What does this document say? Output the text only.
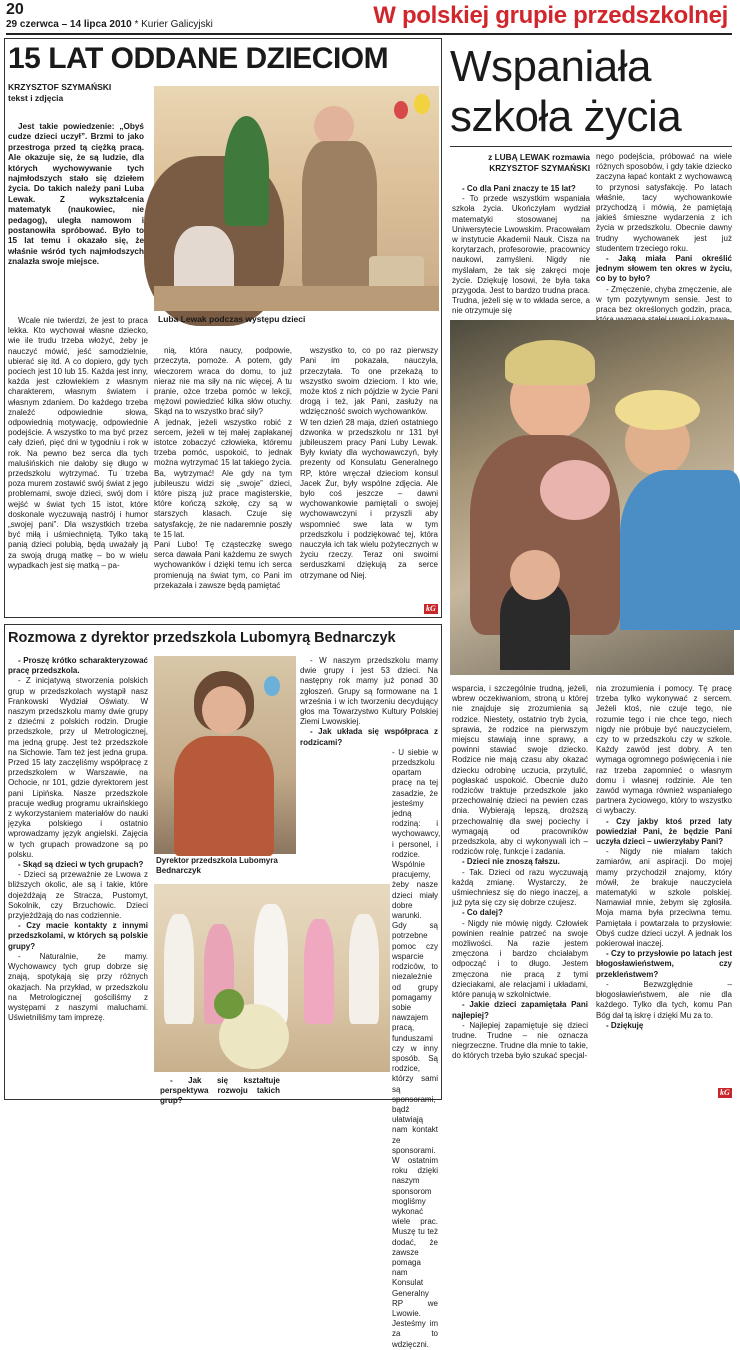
20
29 czerwca – 14 lipca 2010 * Kurier Galicyjski	W polskiej grupie przedszkolnej
15 LAT ODDANE DZIECIOM
KRZYSZTOF SZYMAŃSKI
tekst i zdjęcia

Jest takie powiedzenie: „Obyś cudze dzieci uczył”. Brzmi to jako przestroga przed tą ciężką pracą. Ale okazuje się, że są ludzie, dla których wychowywanie tych najmłodszych stało się dziełem życia. Do takich należy pani Luba Lewak. Z wykształcenia matematyk (naukowiec, nie pedagog), uległa namowom i postanowiła spróbować. Było to 15 lat temu i okazało się, że właśnie wśród tych najmłodszych znalazła swoje miejsce.

Luba Lewak podczas występu dzieci

Wcale nie twierdzi, że jest to praca lekka. Kto wychował własne dziecko, wie ile trudu trzeba włożyć, żeby je nauczyć mówić, jeść samodzielnie, ubierać się itd. A co dopiero, gdy tych pociech jest 10 lub 15. Każda jest inny, każda jest człowiekiem z własnym charakterem, własnym światem i własnym zdaniem. Do każdego trzeba znaleźć odpowiednie słowa, odpowiednią motywację, odpowiednie podejście. A wszystko to ma być przez cały dzień, pięć dni w tygodniu i rok w rok. Na pewno bez serca dla tych maluśińskich nie dałoby się długo w przedszkolu wytrzymać. Tu trzeba poza murem zostawić swój świat z jego problemami, swoje dzieci, swój dom i wejść w świat tych 15 istot, które doskonale wyczuwają nastrój i humor „swojej pani”. Dla wszystkich trzeba być miłą i uśmiechniętą. Tylko taką panią dzieci polubią, będą uważały ją za swoją drugą matkę – bo w wielu wypadkach jest się matką – pa-

nią, która naucy, podpowie, przeczyta, pomoże. A potem, gdy wieczorem wraca do domu, to już nieraz nie ma siły na nic więcej. A tu pranie, ożce trzeba pomóc w lekcji, mężowi powiedzieć kilka słów otuchy. Skąd na to wszystko brać siły?
A jednak, jeżeli wszystko robić z sercem, jeżeli w tej małej zapłakanej istotce zobaczyć człowieka, któremu trzeba pomóc, uspokoić, to jednak można wytrzymać 15 lat takiego życia. Ba, wytrzymać! Ale gdy na tym jubileuszu widzi się „swoje” dzieci, które piszą już prace magisterskie, które kończą szkołę, czy są w starszych klasach. Czuje się satysfakcję, że nie nadaremnie poszły te 15 lat.
Pani Lubo! Tę cząsteczkę swego serca dawała Pani każdemu ze swych wychowanków i dzięki temu ich serca promienują na świat tym, co Pani im przekazała i zawsze będą pamiętać

wszystko to, co po raz pierwszy Pani im pokazała, nauczyła, przeczytała. To one przekażą to wszystko swoim dzieciom. I kto wie, może ktoś z nich pójdzie w życie Pani drogą i też, jak Pani, zasłuży na wdzięczność swoich wychowanków.
W ten dzień 28 maja, dzień ostatniego dzwonka w przedszkolu nr 131 był jubileuszem pracy Pani Luby Lewak. Były kwiaty dla wychowawczyń, były prezenty od Konsulatu Generalnego RP, które wręczał dzieciom konsul Jacek Żur, były wspólne zdjęcia. Ale było coś jeszcze – dawni wychowankowie pamiętali o swojej wychowawczyni i przyszli aby wspomnieć swe lata w tym przedszkolu i podziękować tej, która nauczyła ich tak wielu pożytecznych w życiu rzeczy. Teraz oni swoimi serduszkami dziękują za serce otrzymane od Niej.

kG
Wspaniała
szkoła życia

z LUBĄ LEWAK rozmawia KRZYSZTOF SZYMAŃSKI

- Co dla Pani znaczy te 15 lat?

- To przede wszystkim wspaniała szkoła życia. Ukończyłam wydział matematyki stosowanej na Uniwersytecie Lwowskim. Pracowałam w instytucie Akademii Nauk. Cisza na korytarzach, profesorowie, pracownicy naukowi, zamyśleni. Nigdy nie myślałam, że tak się zakręci moje życie. Dziękuję losowi, że była taka przygoda. Jest to bardzo trudna praca. Trudna, jeżeli się w to wkłada serce, a nie otrzymuje się

nego podejścia, próbować na wiele różnych sposobów, i gdy takie dziecko zaczyna łapać kontakt z wychowawcą to przynosi satysfakcję. Po latach właśnie, tacy wychowankowie przychodzą i mówią, że pamiętają jakieś śmieszne wydarzenia z ich życia w przedszkolu. Obecnie dawny trudny wychowanek jest już studentem trzeciego roku.

- Jaką miała Pani określić jednym słowem ten okres w życiu, co by to było?

- Zmęczenie, chyba zmęczenie, ale w tym pozytywnym sensie. Jest to praca bez określonych godzin, praca,

wsparcia, i szczególnie trudną, jeżeli, wbrew oczekiwaniom, stroną u której nie znajduje się zrozumienia są rodzice. Niestety, ostatnio tryb życia, sprawia, że rodzice na pierwszym miejscu stawiają inne sprawy, a powinni stawiać swoje dziecko. Rodzice nie mają czasu aby okazać dziecku odrobinę uczucia, przytulić, pogłaskać uspokoić. Obecnie dużo rodziców traktuje przedszkole jako przechowalnię dzieci na pewien czas dnia. Wybierają lepszą, droższą przechowalnię dla swej pociechy i wymagają od pracowników przedszkola, aby ci wykonywali ich – rodziców rolę, funkcje i zadania.

- Dzieci nie znoszą fałszu.

- Tak. Dzieci od razu wyczuwają każdą zmianę. Wystarczy, że uśmiechniesz się do niego inaczej, a już pyta się czy się dobrze czujesz.

- Co dalej?

- Nigdy nie mówię nigdy. Człowiek powinien realnie patrzeć na swoje możliwości. Na razie jestem zmęczona i bardzo chciałabym odpocząć i to długo. Jestem zmęczona nie pracą z tymi dzieciakami, ale relacjami i układami, które panują w szkolnictwie.

- Jakie dzieci zapamiętała Pani najlepiej?

- Najlepiej zapamiętuje się dzieci trudne. Trudne – nie oznacza niegrzeczne. Trudne dla mnie to takie, do których trzeba było szukać specjal-

nia zrozumienia i pomocy. Tę pracę trzeba tylko wykonywać z sercem. Jeżeli ktoś, nie czuje tego, nie rozumie tego i nie chce tego, niech nigdy nie próbuje być nauczycielem, czy to w przedszkolu czy w szkole. Każdy zawód jest dobry. A ten wymaga ogromnego poświęcenia i nie raz trzeba zapomnieć o własnym domu i własnej rodzinie. Ale ten zawód wymaga również wspaniałego partnera życiowego, który to wszystko ci wybaczy.

- Czy jakby ktoś przed laty powiedział Pani, że będzie Pani uczyła dzieci – uwierzyłaby Pani?

- Nigdy nie miałam takich zamiarów, ani aspiracji. Do mojej mamy przychodził znajomy, który mówił, że brakuje nauczyciela matematyki w szkole polskiej. Namawiał mnie, żebym się zgłosiła. Moja mama była przeciwna temu. Pamiętała i powtarzała to przysłowie: Obyś cudze dzieci uczył. A jednak los pokierował inaczej.

- Czy to przysłowie po latach jest błogosławieństwem, czy przekleństwem?

- Bezwzględnie – błogosławieństwem, ale nie dla każdego. Tylko dla tych, komu Pan Bóg dał tą iskrę i dzięki Mu za to.

- Dziękuję

kG
Rozmowa z dyrektor przedszkola Lubomyrą Bednarczyk

- Proszę krótko scharakteryzować pracę przedszkola.

- Z inicjatywą stworzenia polskich grup w przedszkolach wystąpił nasz Frankowski Wydział Oświaty. W naszym przedszkolu mamy dwie grupy z dziećmi z polskich rodzin. Drugie przedszkole, przy ul Metrologicznej, ma jedną grupę. Jest też przedszkole na Sichowie. Tam też jest jedna grupa. Przed 15 laty zaczęliśmy współpracę z przedszkolem w Warszawie, na Ochocie, nr 101, gdzie dyrektorem jest pani Lipińska. Nasze przedszkole pracuje według programu ukraińskiego z wykorzystaniem materiałów do nauki języka polskiego i ostatnio wprowadzamy język angielski. Zajęcia w tych grupach prowadzone są po polsku.

- Skąd są dzieci w tych grupach?

- Dzieci są przeważnie ze Lwowa z bliższych okolic, ale są i takie, które dojeżdżają ze Stracza, Pustomyt, Sokolnik, czy Brzuchowic. Dzieci przyjeżdżają do nas codziennie.

- Czy macie kontakty z innymi przedszkolami, w których są polskie grupy?

- Naturalnie, że mamy. Wychowawcy tych grup dobrze się znają, spotykają się przy różnych okazjach. Na przykład, w przedszkolu na Metrologicznej gościliśmy z występami z naszymi maluchami. Uświetniliśmy tam imprezę.

Dyrektor przedszkola Lubomyra Bednarczyk

- Jak się kształtuje perspektywa rozwoju takich grup?

- W naszym przedszkolu mamy dwie grupy i jest 53 dzieci. Na następny rok mamy już ponad 30 zgłoszeń. Grupy są formowane na 1 września i w ich tworzeniu decydujący głos ma Towarzystwo Kultury Polskiej Ziemi Lwowskiej.

- Jak układa się współpraca z rodzicami?

- U siebie w przedszkolu opartam pracę na tej zasadzie, że jesteśmy jedną rodziną: i wychowawcy, i personel, i rodzice. Wspólnie pracujemy, żeby nasze dzieci miały dobre warunki. Gdy są potrzebne pomoc czy wsparcie rodziców, to niezależnie od grupy pomagamy sobie nawzajem pracą, funduszami czy w inny sposób. Są rodzice, którzy sami są sponsorami, bądź ułatwiają nam kontakt ze sponsorami. W ostatnim roku dzięki naszym sponsorom mogliśmy wykonać wiele prac. Muszę tu też dodać, że zawsze pomaga nam Konsulat Generalny RP we Lwowie. Jesteśmy im za to wdzięczni.
